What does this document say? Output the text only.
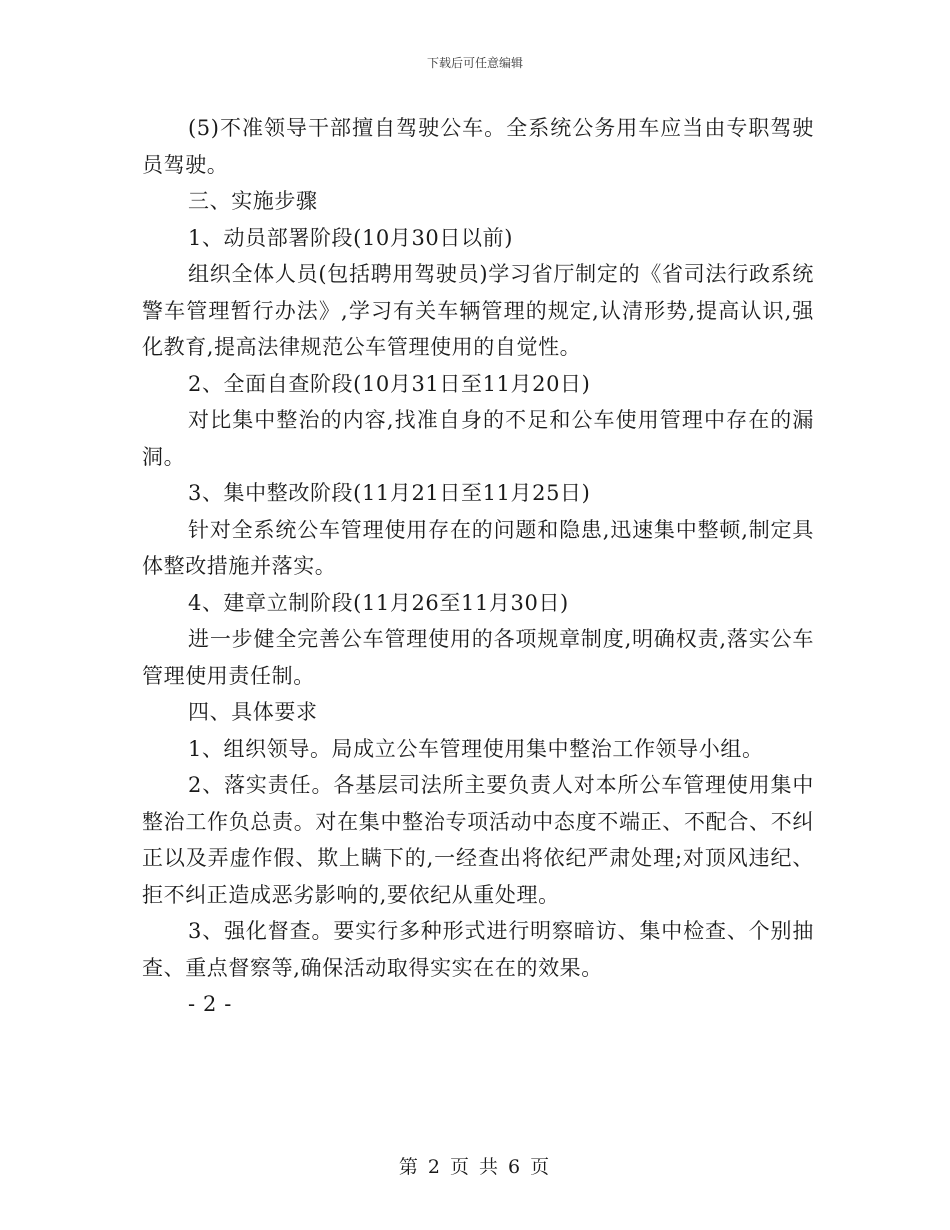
下载后可任意编辑

(5)不准领导干部擅自驾驶公车。全系统公务用车应当由专职驾驶员驾驶。

三、实施步骤

1、动员部署阶段(10月30日以前)

组织全体人员(包括聘用驾驶员)学习省厅制定的《省司法行政系统警车管理暂行办法》,学习有关车辆管理的规定,认清形势,提高认识,强化教育,提高法律规范公车管理使用的自觉性。

2、全面自查阶段(10月31日至11月20日)

对比集中整治的内容,找准自身的不足和公车使用管理中存在的漏洞。

3、集中整改阶段(11月21日至11月25日)

针对全系统公车管理使用存在的问题和隐患,迅速集中整顿,制定具体整改措施并落实。

4、建章立制阶段(11月26至11月30日)

进一步健全完善公车管理使用的各项规章制度,明确权责,落实公车管理使用责任制。

四、具体要求

1、组织领导。局成立公车管理使用集中整治工作领导小组。

2、落实责任。各基层司法所主要负责人对本所公车管理使用集中整治工作负总责。对在集中整治专项活动中态度不端正、不配合、不纠正以及弄虚作假、欺上瞒下的,一经查出将依纪严肃处理;对顶风违纪、拒不纠正造成恶劣影响的,要依纪从重处理。

3、强化督查。要实行多种形式进行明察暗访、集中检查、个别抽查、重点督察等,确保活动取得实实在在的效果。

- 2 -

第 2 页 共 6 页
